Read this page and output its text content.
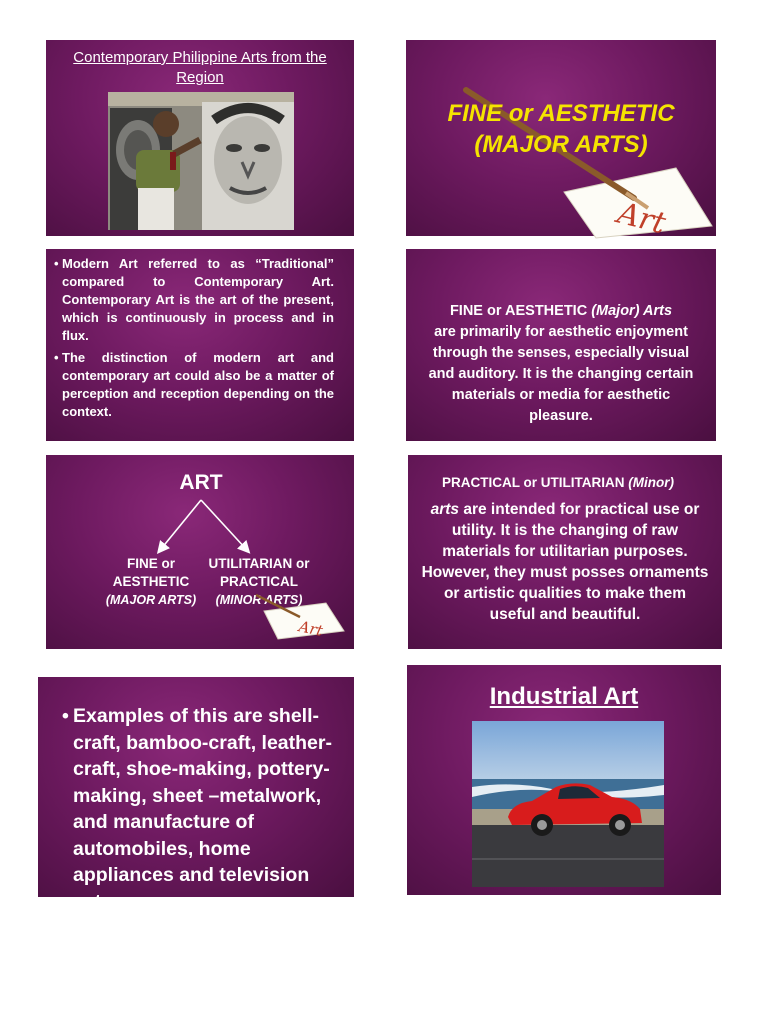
Contemporary Philippine Arts from the Region
Art
FINE or AESTHETIC
(MAJOR ARTS)
• Modern Art referred to as “Traditional” compared to Contemporary Art. Contemporary Art is the art of the present, which is continuously in process and in flux.
• The distinction of modern art and contemporary art could also be a matter of perception and reception depending on the context.
FINE or AESTHETIC (Major) Arts
are primarily for aesthetic enjoyment through the senses, especially visual and auditory. It is the changing certain materials or media for aesthetic pleasure.
ART
FINE or
AESTHETIC
(MAJOR ARTS)
UTILITARIAN or
PRACTICAL
(MINOR ARTS)
Art
PRACTICAL or UTILITARIAN (Minor)
arts are intended for practical use or utility. It is the changing of raw materials for utilitarian purposes. However, they must posses ornaments or artistic qualities to make them useful and beautiful.
• Examples of this are shell-craft, bamboo-craft, leather-craft, shoe-making, pottery-making, sheet –metalwork, and manufacture of automobiles, home appliances and television sets.
Industrial Art
